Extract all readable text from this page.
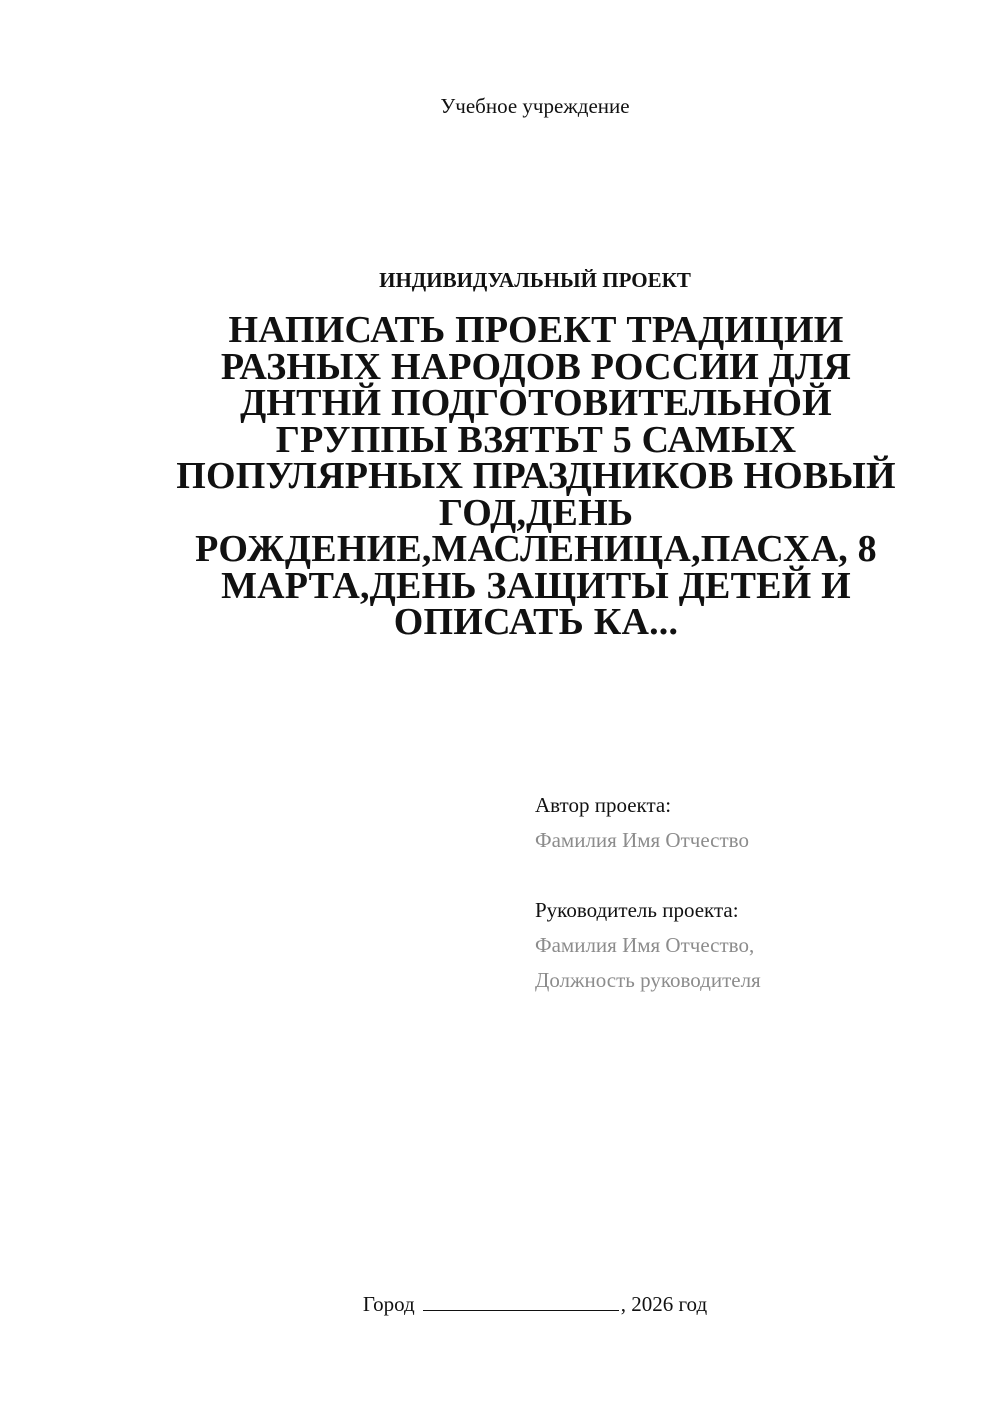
Учебное учреждение
ИНДИВИДУАЛЬНЫЙ ПРОЕКТ
НАПИСАТЬ ПРОЕКТ ТРАДИЦИИ РАЗНЫХ НАРОДОВ РОССИИ ДЛЯ ДНТНЙ ПОДГОТОВИТЕЛЬНОЙ ГРУППЫ ВЗЯТЬТ 5 САМЫХ ПОПУЛЯРНЫХ ПРАЗДНИКОВ НОВЫЙ ГОД,ДЕНЬ РОЖДЕНИЕ,МАСЛЕНИЦА,ПАСХА, 8 МАРТА,ДЕНЬ ЗАЩИТЫ ДЕТЕЙ И ОПИСАТЬ КА...
Автор проекта:
Фамилия Имя Отчество
Руководитель проекта:
Фамилия Имя Отчество,
Должность руководителя
Город	, 2026 год
